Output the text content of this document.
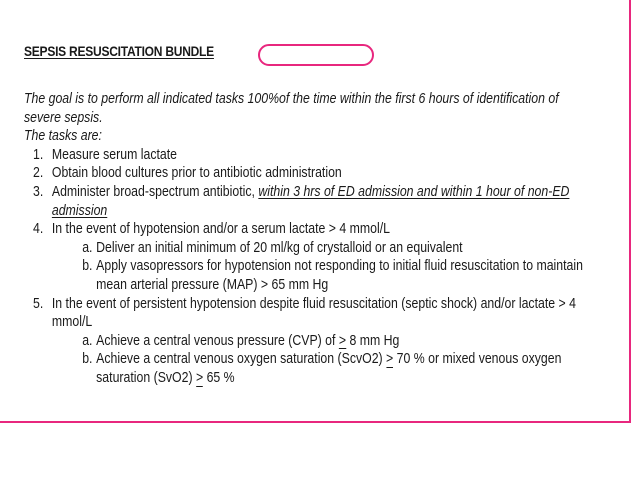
SEPSIS RESUSCITATION BUNDLE
The goal is to perform all indicated tasks 100%of the time within the first 6 hours of identification of
severe sepsis.
The tasks are:
1. Measure serum lactate
2. Obtain blood cultures prior to antibiotic administration
3. Administer broad-spectrum antibiotic, within 3 hrs of ED admission and within 1 hour of non-ED
admission
4. In the event of hypotension and/or a serum lactate > 4 mmol/L
a. Deliver an initial minimum of 20 ml/kg of crystalloid or an equivalent
b. Apply vasopressors for hypotension not responding to initial fluid resuscitation to maintain
mean arterial pressure (MAP) > 65 mm Hg
5. In the event of persistent hypotension despite fluid resuscitation (septic shock) and/or lactate > 4
mmol/L
a. Achieve a central venous pressure (CVP) of > 8 mm Hg
b. Achieve a central venous oxygen saturation (ScvO2) > 70 % or mixed venous oxygen
saturation (SvO2) > 65 %
